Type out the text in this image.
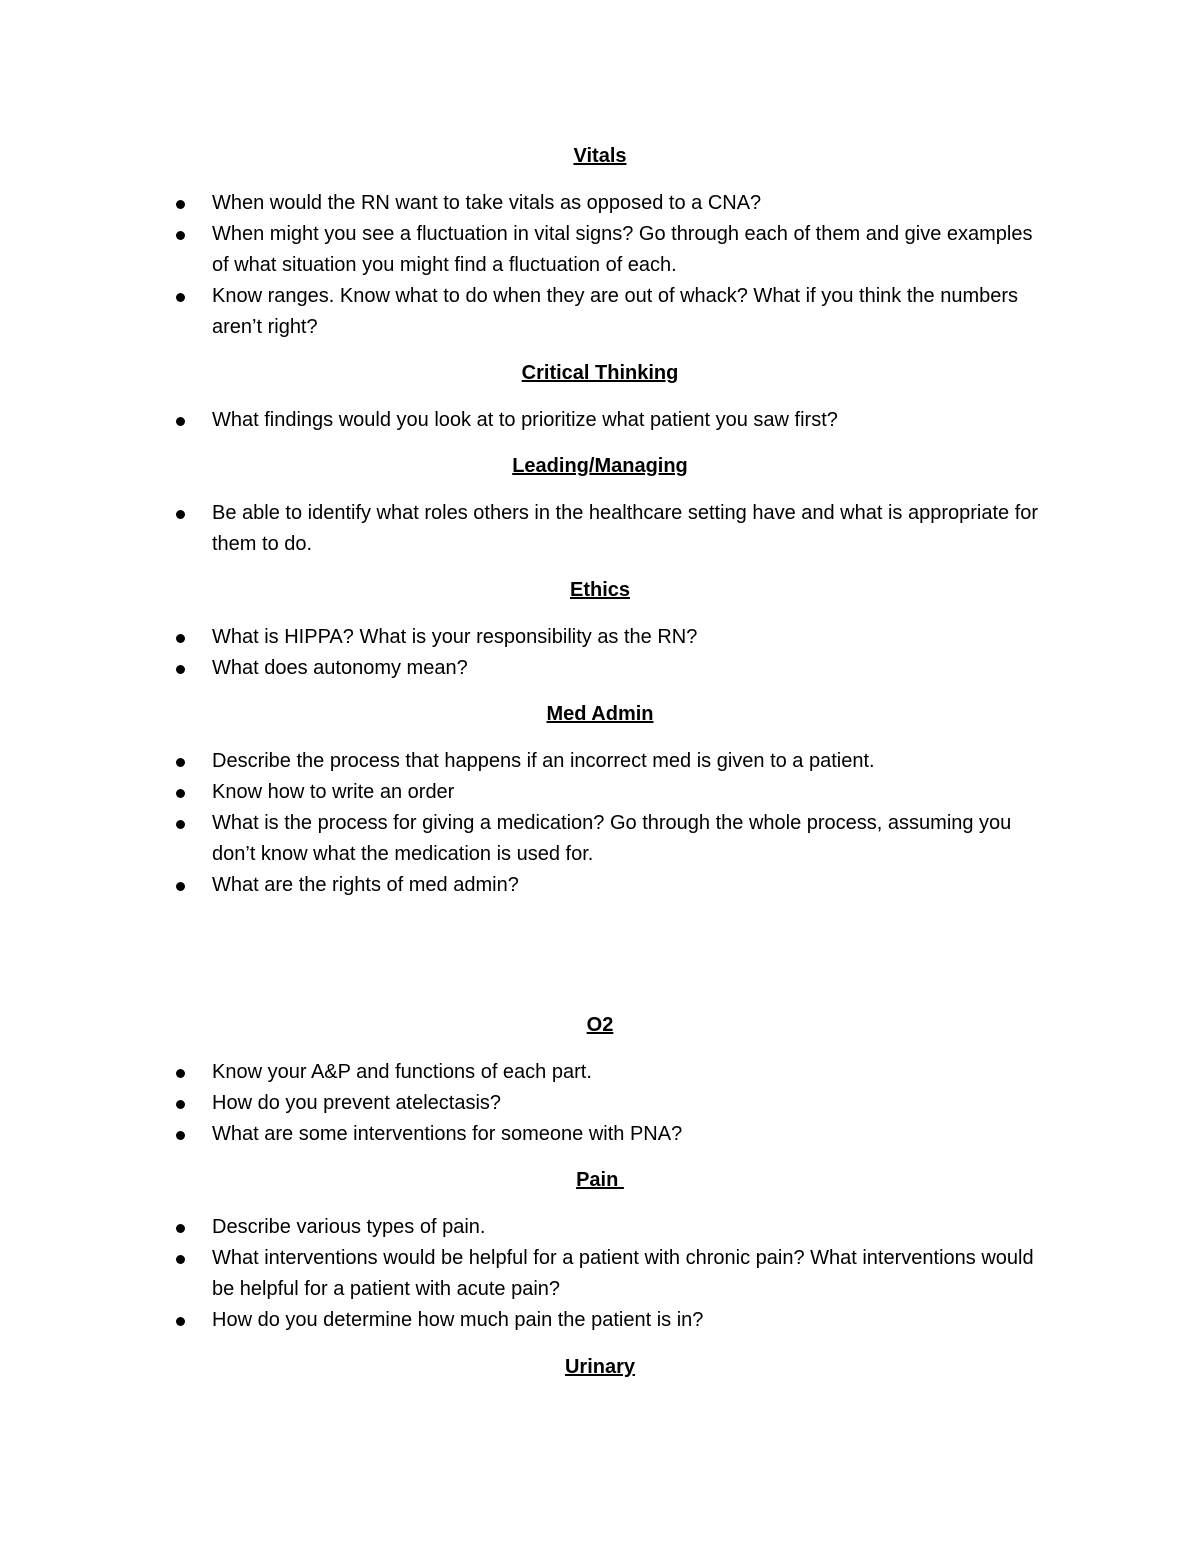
Vitals
When would the RN want to take vitals as opposed to a CNA?
When might you see a fluctuation in vital signs? Go through each of them and give examples of what situation you might find a fluctuation of each.
Know ranges. Know what to do when they are out of whack? What if you think the numbers aren’t right?
Critical Thinking
What findings would you look at to prioritize what patient you saw first?
Leading/Managing
Be able to identify what roles others in the healthcare setting have and what is appropriate for them to do.
Ethics
What is HIPPA? What is your responsibility as the RN?
What does autonomy mean?
Med Admin
Describe the process that happens if an incorrect med is given to a patient.
Know how to write an order
What is the process for giving a medication? Go through the whole process, assuming you don’t know what the medication is used for.
What are the rights of med admin?
O2
Know your A&P and functions of each part.
How do you prevent atelectasis?
What are some interventions for someone with PNA?
Pain
Describe various types of pain.
What interventions would be helpful for a patient with chronic pain? What interventions would be helpful for a patient with acute pain?
How do you determine how much pain the patient is in?
Urinary
